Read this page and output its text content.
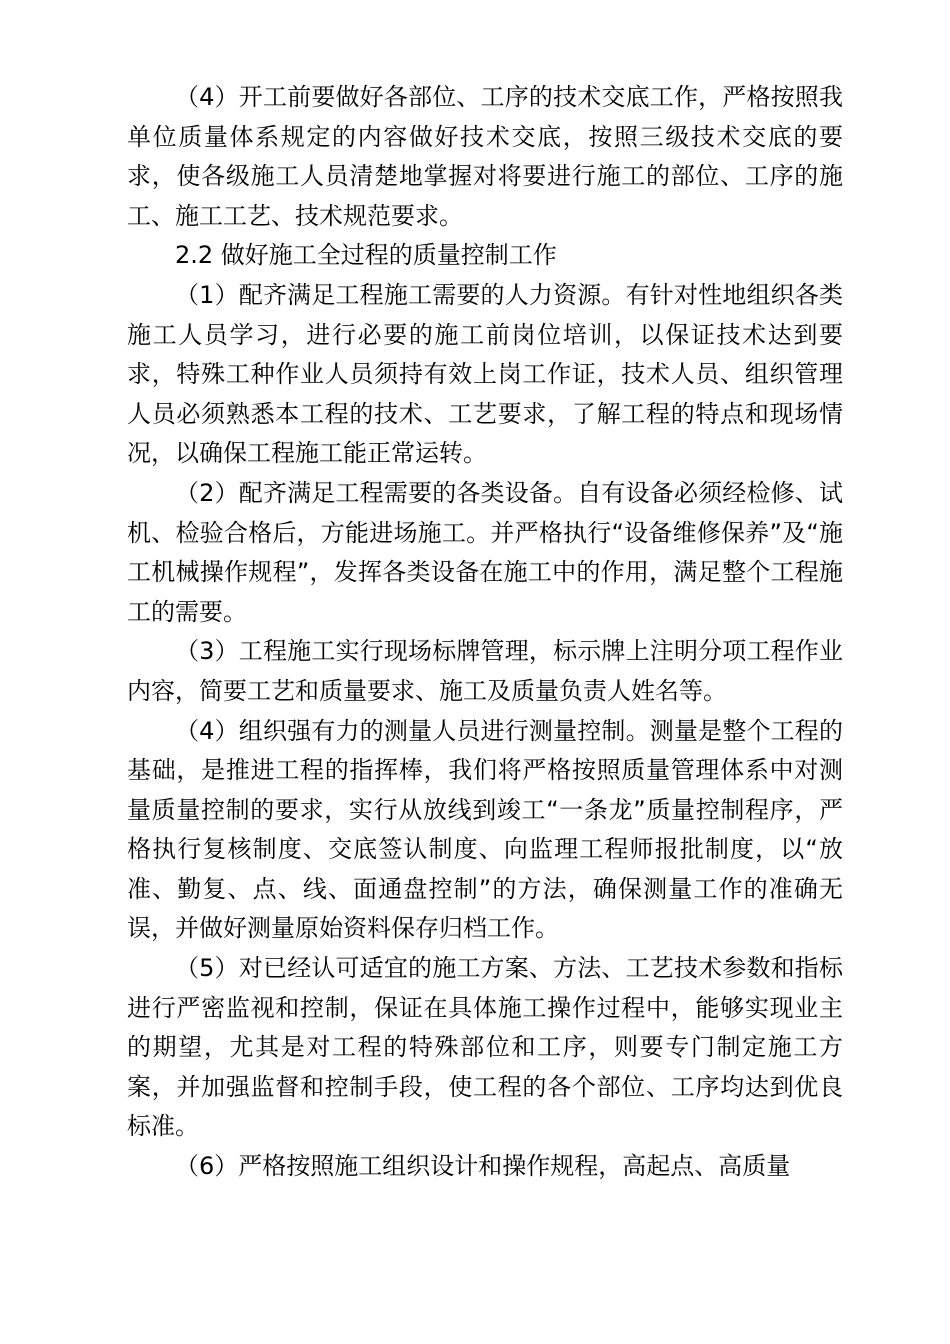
（4）开工前要做好各部位、工序的技术交底工作，严格按照我单位质量体系规定的内容做好技术交底，按照三级技术交底的要求，使各级施工人员清楚地掌握对将要进行施工的部位、工序的施工、施工工艺、技术规范要求。

2.2 做好施工全过程的质量控制工作

（1）配齐满足工程施工需要的人力资源。有针对性地组织各类施工人员学习，进行必要的施工前岗位培训，以保证技术达到要求，特殊工种作业人员须持有效上岗工作证，技术人员、组织管理人员必须熟悉本工程的技术、工艺要求，了解工程的特点和现场情况，以确保工程施工能正常运转。

（2）配齐满足工程需要的各类设备。自有设备必须经检修、试机、检验合格后，方能进场施工。并严格执行“设备维修保养”及“施工机械操作规程”，发挥各类设备在施工中的作用，满足整个工程施工的需要。

（3）工程施工实行现场标牌管理，标示牌上注明分项工程作业内容，简要工艺和质量要求、施工及质量负责人姓名等。

（4）组织强有力的测量人员进行测量控制。测量是整个工程的基础，是推进工程的指挥棒，我们将严格按照质量管理体系中对测量质量控制的要求，实行从放线到竣工“一条龙”质量控制程序，严格执行复核制度、交底签认制度、向监理工程师报批制度，以“放准、勤复、点、线、面通盘控制”的方法，确保测量工作的准确无误，并做好测量原始资料保存归档工作。

（5）对已经认可适宜的施工方案、方法、工艺技术参数和指标进行严密监视和控制，保证在具体施工操作过程中，能够实现业主的期望，尤其是对工程的特殊部位和工序，则要专门制定施工方案，并加强监督和控制手段，使工程的各个部位、工序均达到优良标准。

（6）严格按照施工组织设计和操作规程，高起点、高质量
